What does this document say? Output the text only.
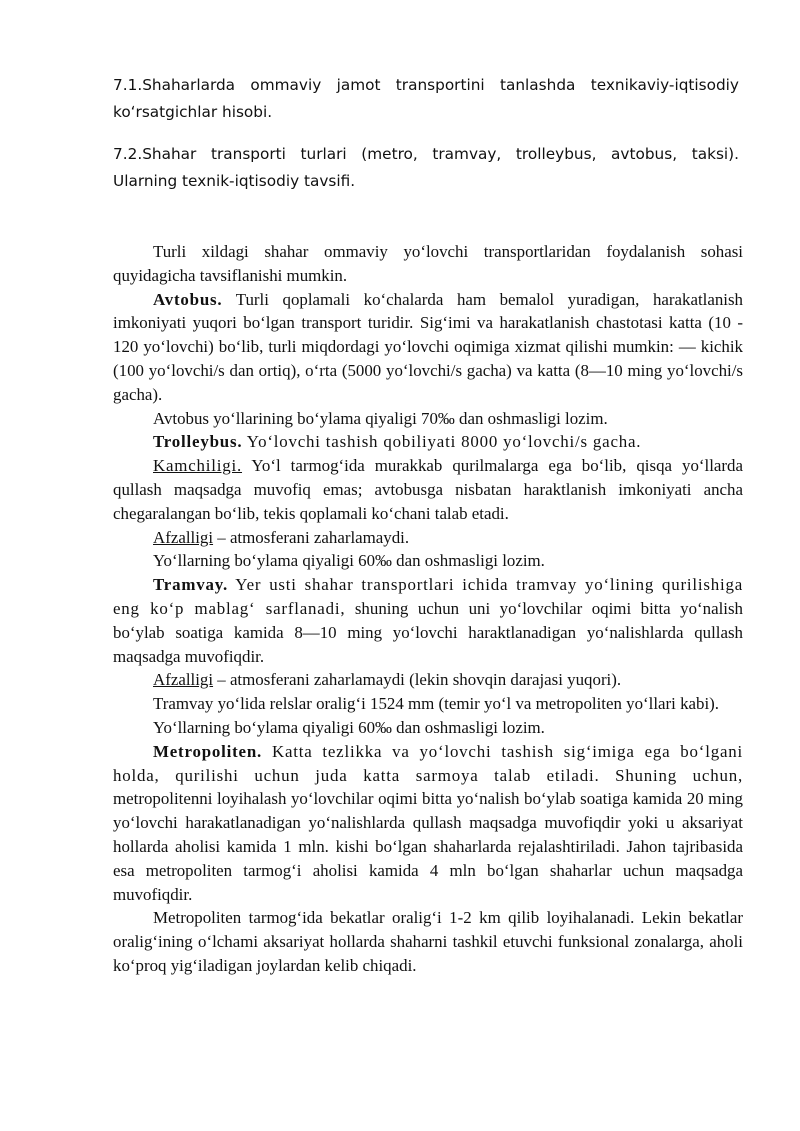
7.1.Shaharlarda ommaviy jamot transportini tanlashda texnikaviy-iqtisodiy koʻrsatgichlar hisobi.
7.2.Shahar transporti turlari (metro, tramvay, trolleybus, avtobus, taksi). Ularning texnik-iqtisodiy tavsifi.

Turli xildagi shahar ommaviy yo‘lovchi transportlaridan foydalanish sohasi quyidagicha tavsiflanishi mumkin.

Avtobus. Turli qoplamali ko‘chalarda ham bemalol yuradigan, harakatlanish imkoniyati yuqori bo‘lgan transport turidir. Sig‘imi va harakatlanish chastotasi katta (10 - 120 yo‘lovchi) bo‘lib, turli miqdordagi yo‘lovchi oqimiga xizmat qilishi mumkin: — kichik (100 yo‘lovchi/s dan ortiq), o‘rta (5000 yo‘lovchi/s gacha) va katta (8—10 ming yo‘lovchi/s gacha).

Avtobus yo‘llarining bo‘ylama qiyaligi 70‰ dan oshmasligi lozim.

Trolleybus. Yo‘lovchi tashish qobiliyati 8000 yo‘lovchi/s gacha.

Kamchiligi. Yo‘l tarmog‘ida murakkab qurilmalarga ega bo‘lib, qisqa yo‘llarda qullash maqsadga muvofiq emas; avtobusga nisbatan haraktlanish imkoniyati ancha chegaralangan bo‘lib, tekis qoplamali ko‘chani talab etadi.

Afzalligi – atmosferani zaharlamaydi.

Yo‘llarning bo‘ylama qiyaligi 60‰ dan oshmasligi lozim.

Tramvay. Yer usti shahar transportlari ichida tramvay yo‘lining qurilishiga eng ko‘p mablag‘ sarflanadi, shuning uchun uni yo‘lovchilar oqimi bitta yo‘nalish bo‘ylab soatiga kamida 8—10 ming yo‘lovchi haraktlanadigan yo‘nalishlarda qullash maqsadga muvofiqdir.

Afzalligi – atmosferani zaharlamaydi (lekin shovqin darajasi yuqori).

Tramvay yo‘lida relslar oralig‘i 1524 mm (temir yo‘l va metropoliten yo‘llari kabi).

Yo‘llarning bo‘ylama qiyaligi 60‰ dan oshmasligi lozim.

Metropoliten. Katta tezlikka va yo‘lovchi tashish sig‘imiga ega bo‘lgani holda, qurilishi uchun juda katta sarmoya talab etiladi. Shuning uchun, metropolitenni loyihalash yo‘lovchilar oqimi bitta yo‘nalish bo‘ylab soatiga kamida 20 ming yo‘lovchi harakatlanadigan yo‘nalishlarda qullash maqsadga muvofiqdir yoki u aksariyat hollarda aholisi kamida 1 mln. kishi bo‘lgan shaharlarda rejalashtiriladi. Jahon tajribasida esa metropoliten tarmog‘i aholisi kamida 4 mln bo‘lgan shaharlar uchun maqsadga muvofiqdir.

Metropoliten tarmog‘ida bekatlar oralig‘i 1-2 km qilib loyihalanadi. Lekin bekatlar oralig‘ining o‘lchami aksariyat hollarda shaharni tashkil etuvchi funksional zonalarga, aholi ko‘proq yig‘iladigan joylardan kelib chiqadi.
